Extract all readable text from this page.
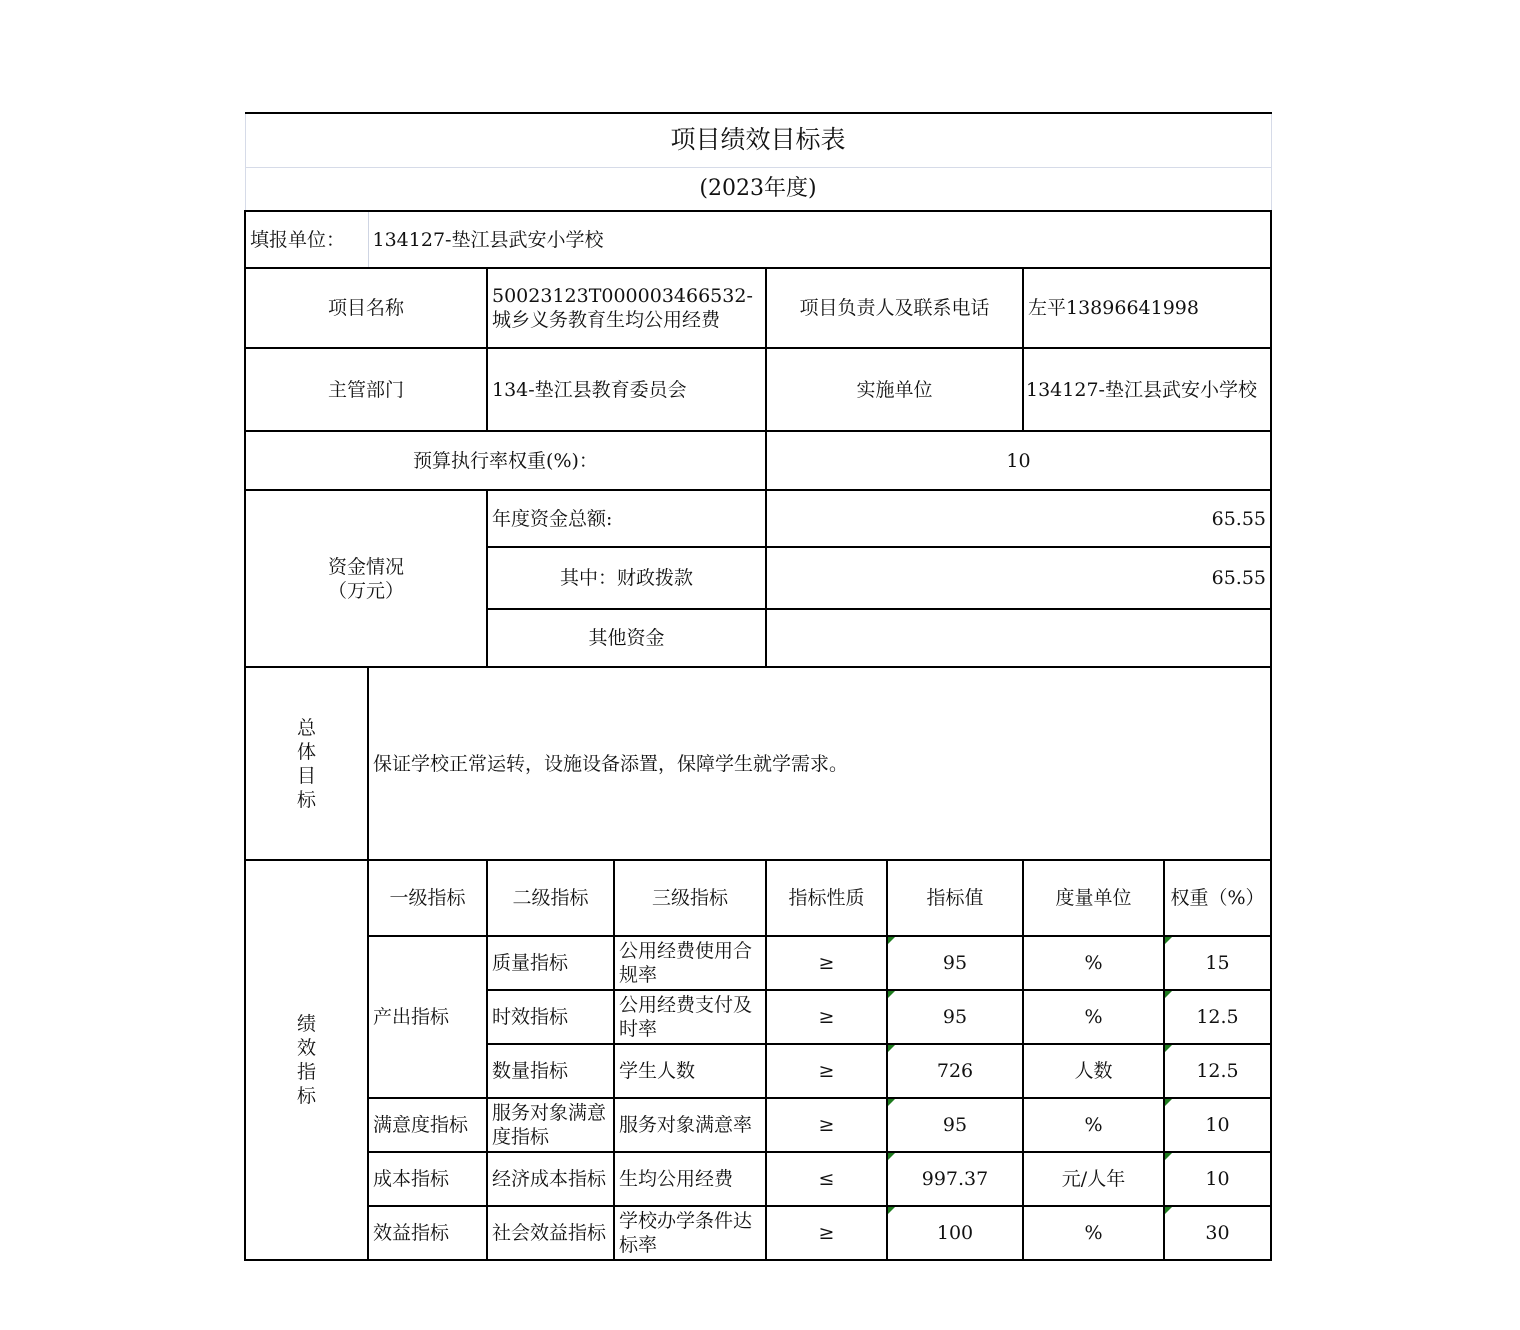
项目绩效目标表							
(2023年度)							
填报单位：	134127-垫江县武安小学校						
项目名称		50023123T000003466532-城乡义务教育生均公用经费		项目负责人及联系电话		左平13896641998	
主管部门		134-垫江县教育委员会		实施单位		134127-垫江县武安小学校	
预算执行率权重(%)：				10			
资金情况
（万元）		年度资金总额:		65.55			
		其中：财政拨款		65.55			
		其他资金					

总
体
目
标	保证学校正常运转，设施设备添置，保障学生就学需求。						

绩
效
指
标	一级指标	二级指标	三级指标	指标性质	指标值	度量单位	权重（%）
	产出指标	质量指标	公用经费使用合规率	≥	95	%	15
		时效指标	公用经费支付及时率	≥	95	%	12.5
		数量指标	学生人数	≥	726	人数	12.5
	满意度指标	服务对象满意度指标	服务对象满意率	≥	95	%	10
	成本指标	经济成本指标	生均公用经费	≤	997.37	元/人年	10
	效益指标	社会效益指标	学校办学条件达标率	≥	100	%	30
